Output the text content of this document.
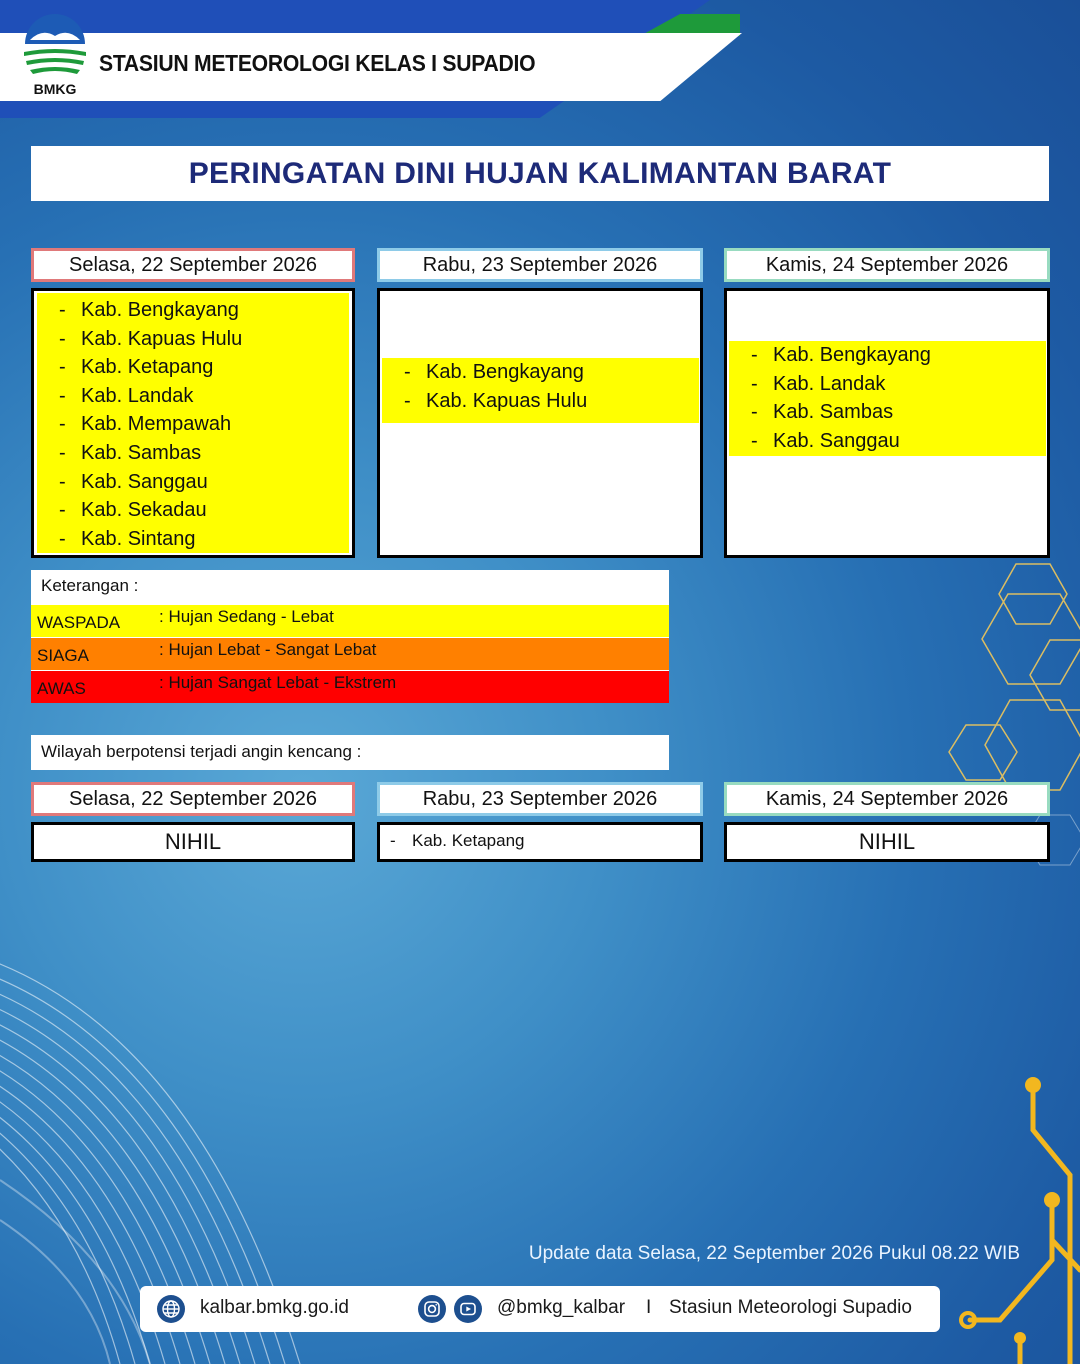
BMKG
STASIUN METEOROLOGI KELAS I SUPADIO
PERINGATAN DINI HUJAN KALIMANTAN BARAT
Selasa, 22 September 2026	Rabu, 23 September 2026	Kamis, 24 September 2026
- Kab. Bengkayang
- Kab. Kapuas Hulu
- Kab. Ketapang
- Kab. Landak
- Kab. Mempawah
- Kab. Sambas
- Kab. Sanggau
- Kab. Sekadau
- Kab. Sintang
- Kab. Bengkayang
- Kab. Kapuas Hulu
- Kab. Bengkayang
- Kab. Landak
- Kab. Sambas
- Kab. Sanggau
Keterangan :
WASPADA : Hujan Sedang - Lebat
SIAGA	: Hujan Lebat - Sangat Lebat
AWAS	: Hujan Sangat Lebat - Ekstrem
Wilayah berpotensi terjadi angin kencang :
Selasa, 22 September 2026	Rabu, 23 September 2026	Kamis, 24 September 2026
NIHIL
-	Kab. Ketapang	NIHIL
Update data Selasa, 22 September 2026 Pukul 08.22 WIB
kalbar.bmkg.go.id	@bmkg_kalbar I Stasiun Meteorologi Supadio
